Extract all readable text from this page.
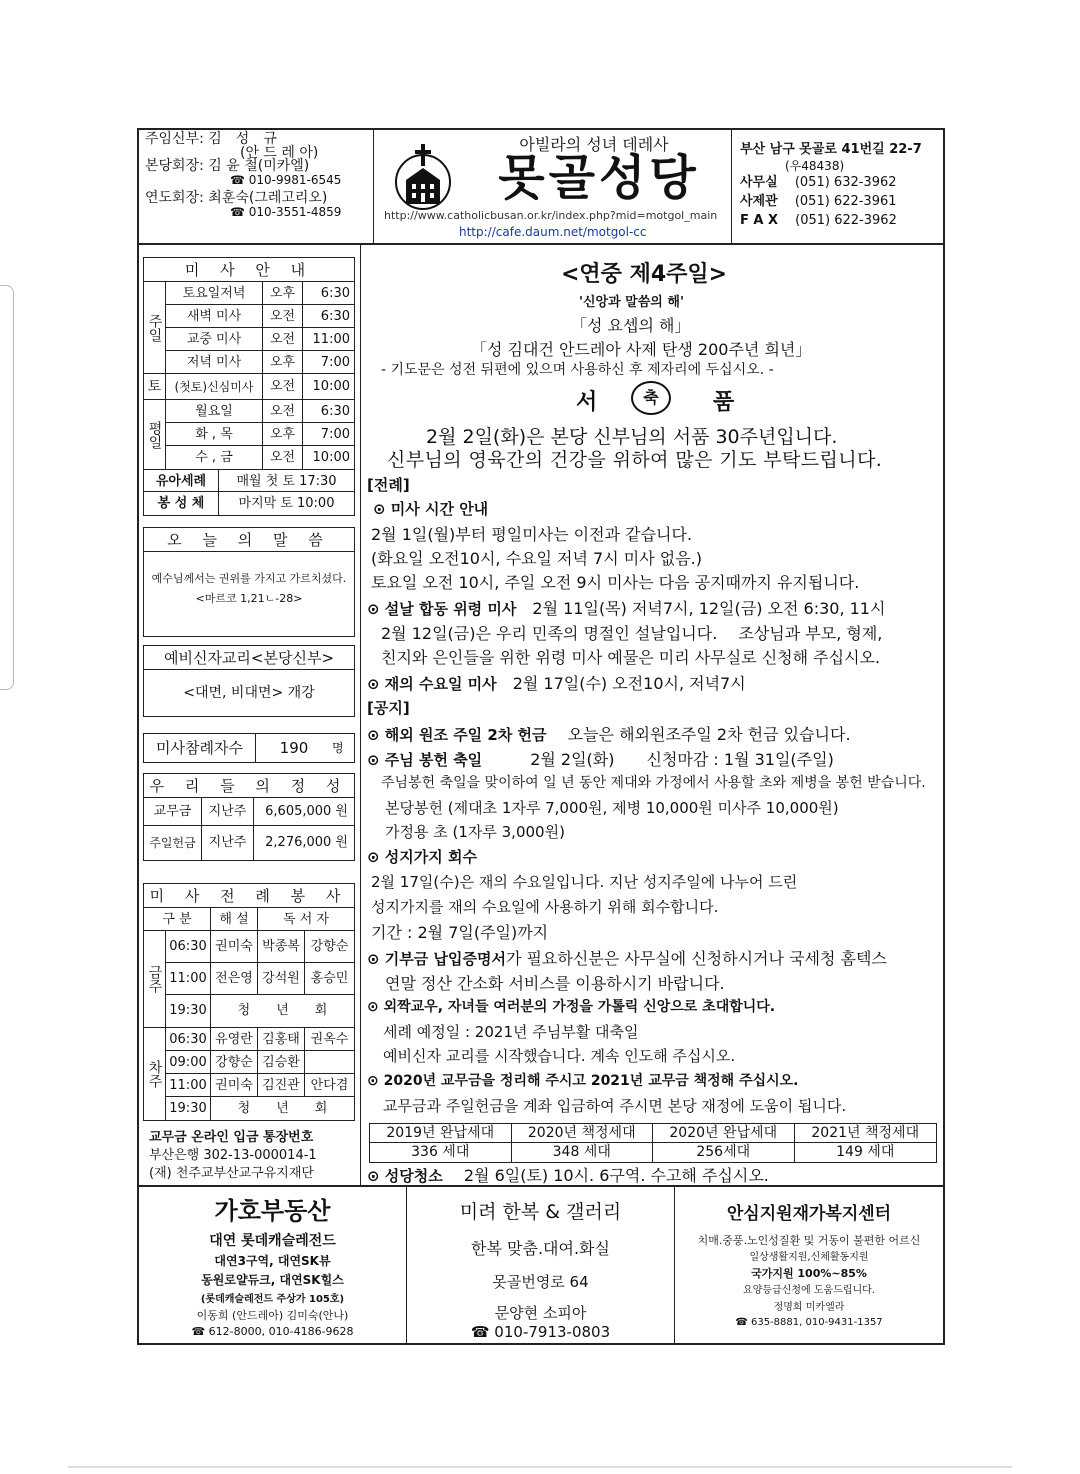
주임신부: 김　성　규
(안 드 레 아)
본당회장: 김 윤 철(미카엘)
☎ 010-9981-6545
연도회장: 최훈숙(그레고리오)
☎ 010-3551-4859
아빌라의 성녀 데레사
못골성당
http://www.catholicbusan.or.kr/index.php?mid=motgol_main
http://cafe.daum.net/motgol-cc
부산 남구 못골로 41번길 22-7
(우48438)
사무실　 (051) 632-3962
사제관　 (051) 622-3961
F A X　 (051) 622-3962
미 사 안 내
주일
토
평일
토요일저녁	오후	6:30
새벽 미사	오전	6:30
교중 미사	오전	11:00
저녁 미사	오후	7:00
(첫토)신심미사	오전	10:00
월요일	오전	6:30
화 , 목	오후	7:00
수 , 금	오전	10:00
유아세례	매월 첫 토 17:30
봉 성 체	마지막 토 10:00
오 늘 의 말 씀
예수님께서는 권위를 가지고 가르치셨다.
<마르코 1,21ㄴ-28>
예비신자교리<본당신부>
<대면, 비대면> 개강
미사참례자수	190	명
우 리 들 의 정 성
교무금	지난주	6,605,000 원
주일헌금 지난주	2,276,000 원
미 사 전 례 봉 사
구 분	해 설	독 서 자
금주
06:30 권미숙 박종복 강향순
11:00 전은영 강석원 홍승민
19:30	청　　년　　회
차주
06:30 유영란 김홍태 권옥수
09:00 강향순 김승환
11:00 권미숙 김진관 안다겸
19:30	청　　년　　회
교무금 온라인 입금 통장번호
부산은행 302-13-000014-1
(재) 천주교부산교구유지재단
<연중 제4주일>
'신앙과 말씀의 해'
「성 요셉의 해」
「성 김대건 안드레아 사제 탄생 200주년 희년」
- 기도문은 성전 뒤편에 있으며 사용하신 후 제자리에 두십시오. -
서	축	품
2월 2일(화)은 본당 신부님의 서품 30주년입니다.
신부님의 영육간의 건강을 위하여 많은 기도 부탁드립니다.
[전례]
⊙ 미사 시간 안내
2월 1일(월)부터 평일미사는 이전과 같습니다.
(화요일 오전10시, 수요일 저녁 7시 미사 없음.)
토요일 오전 10시, 주일 오전 9시 미사는 다음 공지때까지 유지됩니다.
⊙ 설날 합동 위령 미사　 2월 11일(목) 저녁7시, 12일(금) 오전 6:30, 11시
2월 12일(금)은 우리 민족의 명절인 설날입니다.　 조상님과 부모, 형제,
친지와 은인들을 위한 위령 미사 예물은 미리 사무실로 신청해 주십시오.
⊙ 재의 수요일 미사　 2월 17일(수) 오전10시, 저녁7시
[공지]
⊙ 해외 원조 주일 2차 헌금　 오늘은 해외원조주일 2차 헌금 있습니다.
⊙ 주님 봉헌 축일　　　	2월 2일(화)　　신청마감 : 1월 31일(주일)
주님봉헌 축일을 맞이하여 일 년 동안 제대와 가정에서 사용할 초와 제병을 봉헌 받습니다.
본당봉헌 (제대초 1자루 7,000원, 제병 10,000원 미사주 10,000원)
가정용 초 (1자루 3,000원)
⊙ 성지가지 회수
2월 17일(수)은 재의 수요일입니다. 지난 성지주일에 나누어 드린
성지가지를 재의 수요일에 사용하기 위해 회수합니다.
기간 : 2월 7일(주일)까지
⊙ 기부금 납입증명서가 필요하신분은 사무실에 신청하시거나 국세청 홈텍스
연말 정산 간소화 서비스를 이용하시기 바랍니다.
⊙ 외짝교우, 자녀들 여러분의 가정을 가톨릭 신앙으로 초대합니다.
세례 예정일 : 2021년 주님부활 대축일
예비신자 교리를 시작했습니다. 계속 인도해 주십시오.
⊙ 2020년 교무금을 정리해 주시고 2021년 교무금 책정해 주십시오.
교무금과 주일헌금을 계좌 입금하여 주시면 본당 재정에 도움이 됩니다.
2019년 완납세대	2020년 책정세대	2020년 완납세대	2021년 책정세대
336 세대	348 세대	256세대	149 세대
⊙ 성당청소　 2월 6일(토) 10시. 6구역. 수고해 주십시오.
가호부동산
대연 롯데캐슬레전드
대연3구역, 대연SK뷰
동원로얄듀크, 대연SK힐스
(롯데캐슬레전드 주상가 105호)
이동희 (안드레아) 김미숙(안나)
☎ 612-8000, 010-4186-9628
미려 한복 & 갤러리
한복 맞춤.대여.화실
못골번영로 64
문양현 소피아
☎ 010-7913-0803
안심지원재가복지센터
치매.중풍.노인성질환 및 거동이 불편한 어르신
일상생활지원,신체활동지원
국가지원 100%~85%
요양등급신청에 도움드립니다.
정명희 미카엘라
☎ 635-8881, 010-9431-1357
